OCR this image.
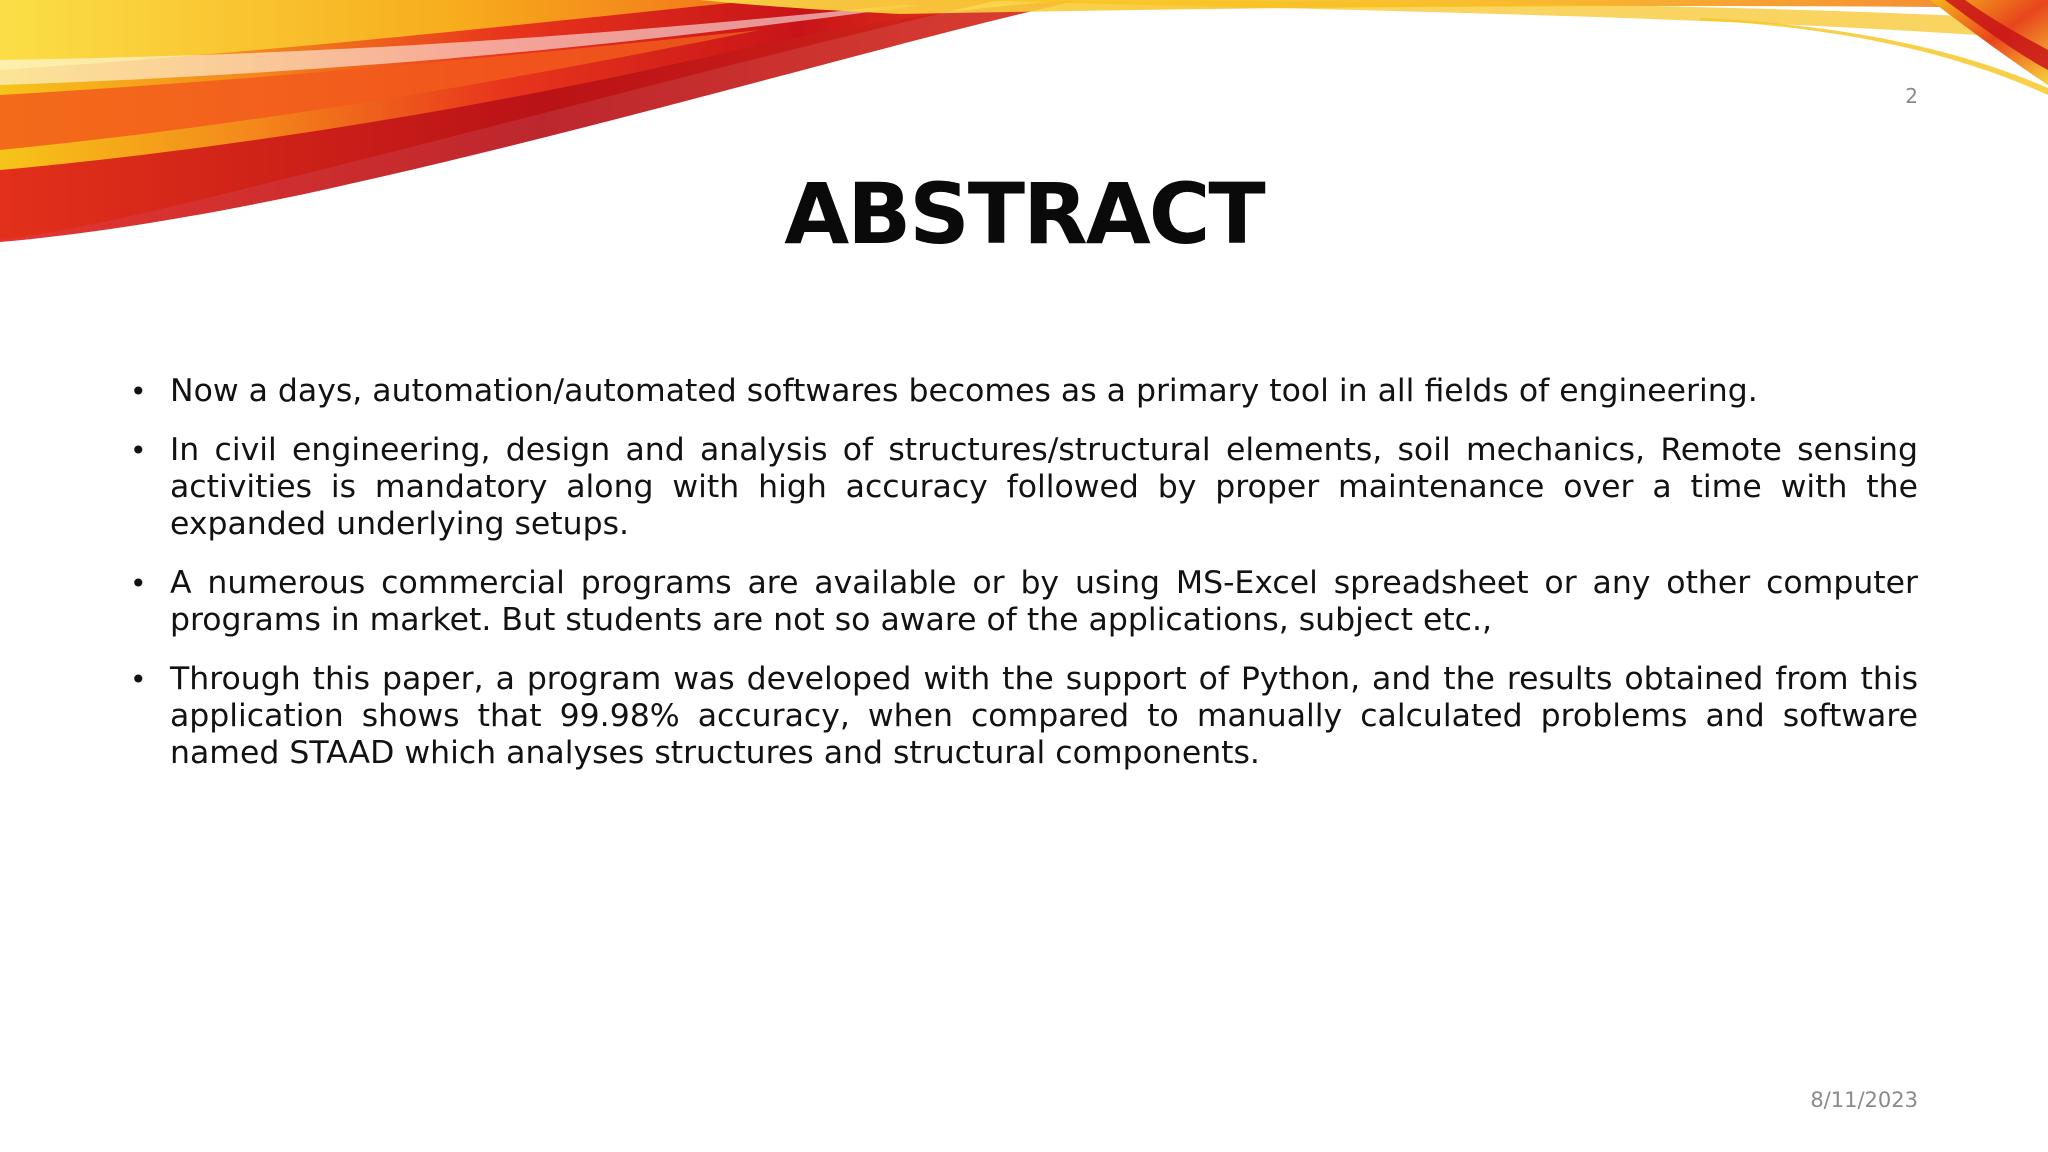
2
ABSTRACT
• Now a days, automation/automated softwares becomes as a primary tool in all fields of engineering.
• In civil engineering, design and analysis of structures/structural elements, soil mechanics, Remote sensing activities is mandatory along with high accuracy followed by proper maintenance over a time with the expanded underlying setups.
• A numerous commercial programs are available or by using MS-Excel spreadsheet or any other computer programs in market. But students are not so aware of the applications, subject etc.,
• Through this paper, a program was developed with the support of Python, and the results obtained from this application shows that 99.98% accuracy, when compared to manually calculated problems and software named STAAD which analyses structures and structural components.
8/11/2023
